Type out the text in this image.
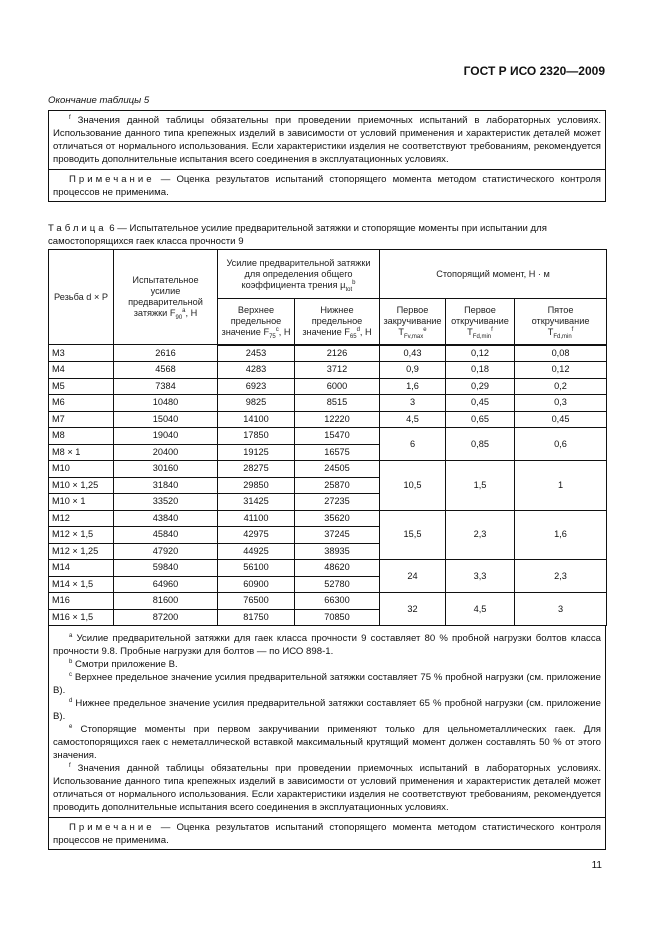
ГОСТ Р ИСО 2320—2009
Окончание таблицы 5

$^f$ Значения данной таблицы обязательны при проведении приемочных испытаний в лабораторных условиях. Использование данного типа крепежных изделий в зависимости от условий применения и характеристик деталей может отличаться от нормального использования. Если характеристики изделия не соответствуют требованиям, рекомендуется проводить дополнительные испытания всего соединения в эксплуатационных условиях.

Примечание — Оценка результатов испытаний стопорящего момента методом статистического контроля процессов не применима.

Таблица 6 — Испытательное усилие предварительной затяжки и стопорящие моменты при испытании для самостопорящихся гаек класса прочности 9
Резьба d × P	Испытательное усилие предварительной затяжки $F_{90}^a$, Н	Усилие предварительной затяжки для определения общего коэффициента трения $\mu_{tot}^b$		Стопорящий момент, Н · м		
		Верхнее предельное значение $F_{75}^c$, Н	Нижнее предельное значение $F_{65}^d$, Н	Первое закручивание $T_{Fv,max}^e$	Первое откручивание $T_{Fd,min}^f$	Пятое откручивание $T_{Fd,min}^f$
M3	2616	2453	2126	0,43	0,12	0,08
M4	4568	4283	3712	0,9	0,18	0,12
M5	7384	6923	6000	1,6	0,29	0,2
M6	10480	9825	8515	3	0,45	0,3
M7	15040	14100	12220	4,5	0,65	0,45
M8	19040	17850	15470	6	0,85	0,6
M8 × 1	20400	19125	16575			
M10	30160	28275	24505	10,5	1,5	1
M10 × 1,25	31840	29850	25870			
M10 × 1	33520	31425	27235			
M12	43840	41100	35620	15,5	2,3	1,6
M12 × 1,5	45840	42975	37245			
M12 × 1,25	47920	44925	38935			
M14	59840	56100	48620	24	3,3	2,3
M14 × 1,5	64960	60900	52780			
M16	81600	76500	66300	32	4,5	3
M16 × 1,5	87200	81750	70850			

$^a$ Усилие предварительной затяжки для гаек класса прочности 9 составляет 80 % пробной нагрузки болтов класса прочности 9.8. Пробные нагрузки для болтов — по ИСО 898-1.

$^b$ Смотри приложение В.

$^c$ Верхнее предельное значение усилия предварительной затяжки составляет 75 % пробной нагрузки (см. приложение В).

$^d$ Нижнее предельное значение усилия предварительной затяжки составляет 65 % пробной нагрузки (см. приложение В).

$^e$ Стопорящие моменты при первом закручивании применяют только для цельнометаллических гаек. Для самостопорящихся гаек с неметаллической вставкой максимальный крутящий момент должен составлять 50 % от этого значения.

$^f$ Значения данной таблицы обязательны при проведении приемочных испытаний в лабораторных условиях. Использование данного типа крепежных изделий в зависимости от условий применения и характеристик деталей может отличаться от нормального использования. Если характеристики изделия не соответствуют требованиям, рекомендуется проводить дополнительные испытания всего соединения в эксплуатационных условиях.

Примечание — Оценка результатов испытаний стопорящего момента методом статистического контроля процессов не применима.

11
